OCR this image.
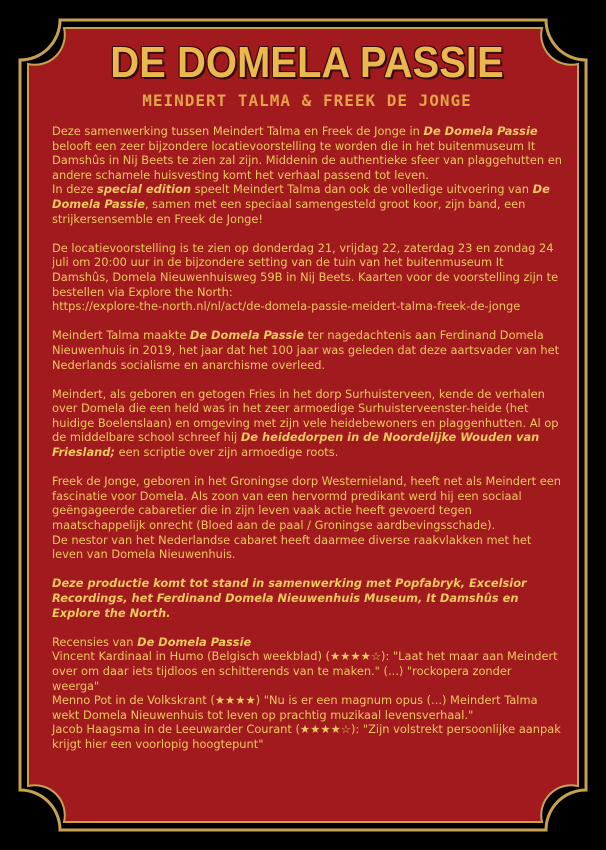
DE DOMELA PASSIE
MEINDERT TALMA & FREEK DE JONGE

Deze samenwerking tussen Meindert Talma en Freek de Jonge in De Domela Passie belooft een zeer bijzondere locatievoorstelling te worden die in het buitenmuseum It Damshûs in Nij Beets te zien zal zijn. Middenin de authentieke sfeer van plaggehutten en andere schamele huisvesting komt het verhaal passend tot leven.
In deze special edition speelt Meindert Talma dan ook de volledige uitvoering van De Domela Passie, samen met een speciaal samengesteld groot koor, zijn band, een strijkersensemble en Freek de Jonge!

De locatievoorstelling is te zien op donderdag 21, vrijdag 22, zaterdag 23 en zondag 24 juli om 20:00 uur in de bijzondere setting van de tuin van het buitenmuseum It Damshûs, Domela Nieuwenhuisweg 59B in Nij Beets. Kaarten voor de voorstelling zijn te bestellen via Explore the North:
https://explore-the-north.nl/nl/act/de-domela-passie-meidert-talma-freek-de-jonge

Meindert Talma maakte De Domela Passie ter nagedachtenis aan Ferdinand Domela Nieuwenhuis in 2019, het jaar dat het 100 jaar was geleden dat deze aartsvader van het Nederlands socialisme en anarchisme overleed.

Meindert, als geboren en getogen Fries in het dorp Surhuisterveen, kende de verhalen over Domela die een held was in het zeer armoedige Surhuisterveenster-heide (het huidige Boelenslaan) en omgeving met zijn vele heidebewoners en plaggenhutten. Al op de middelbare school schreef hij De heidedorpen in de Noordelijke Wouden van Friesland; een scriptie over zijn armoedige roots.

Freek de Jonge, geboren in het Groningse dorp Westernieland, heeft net als Meindert een fascinatie voor Domela. Als zoon van een hervormd predikant werd hij een sociaal geëngageerde cabaretier die in zijn leven vaak actie heeft gevoerd tegen maatschappelijk onrecht (Bloed aan de paal / Groningse aardbevingsschade).
De nestor van het Nederlandse cabaret heeft daarmee diverse raakvlakken met het leven van Domela Nieuwenhuis.

Deze productie komt tot stand in samenwerking met Popfabryk, Excelsior Recordings, het Ferdinand Domela Nieuwenhuis Museum, It Damshûs en Explore the North.

Recensies van De Domela Passie
Vincent Kardinaal in Humo (Belgisch weekblad) (★★★★☆): "Laat het maar aan Meindert over om daar iets tijdloos en schitterends van te maken." (...) "rockopera zonder weerga"
Menno Pot in de Volkskrant (★★★★) "Nu is er een magnum opus (...) Meindert Talma wekt Domela Nieuwenhuis tot leven op prachtig muzikaal levensverhaal."
Jacob Haagsma in de Leeuwarder Courant (★★★★☆): "Zijn volstrekt persoonlijke aanpak krijgt hier een voorlopig hoogtepunt"
